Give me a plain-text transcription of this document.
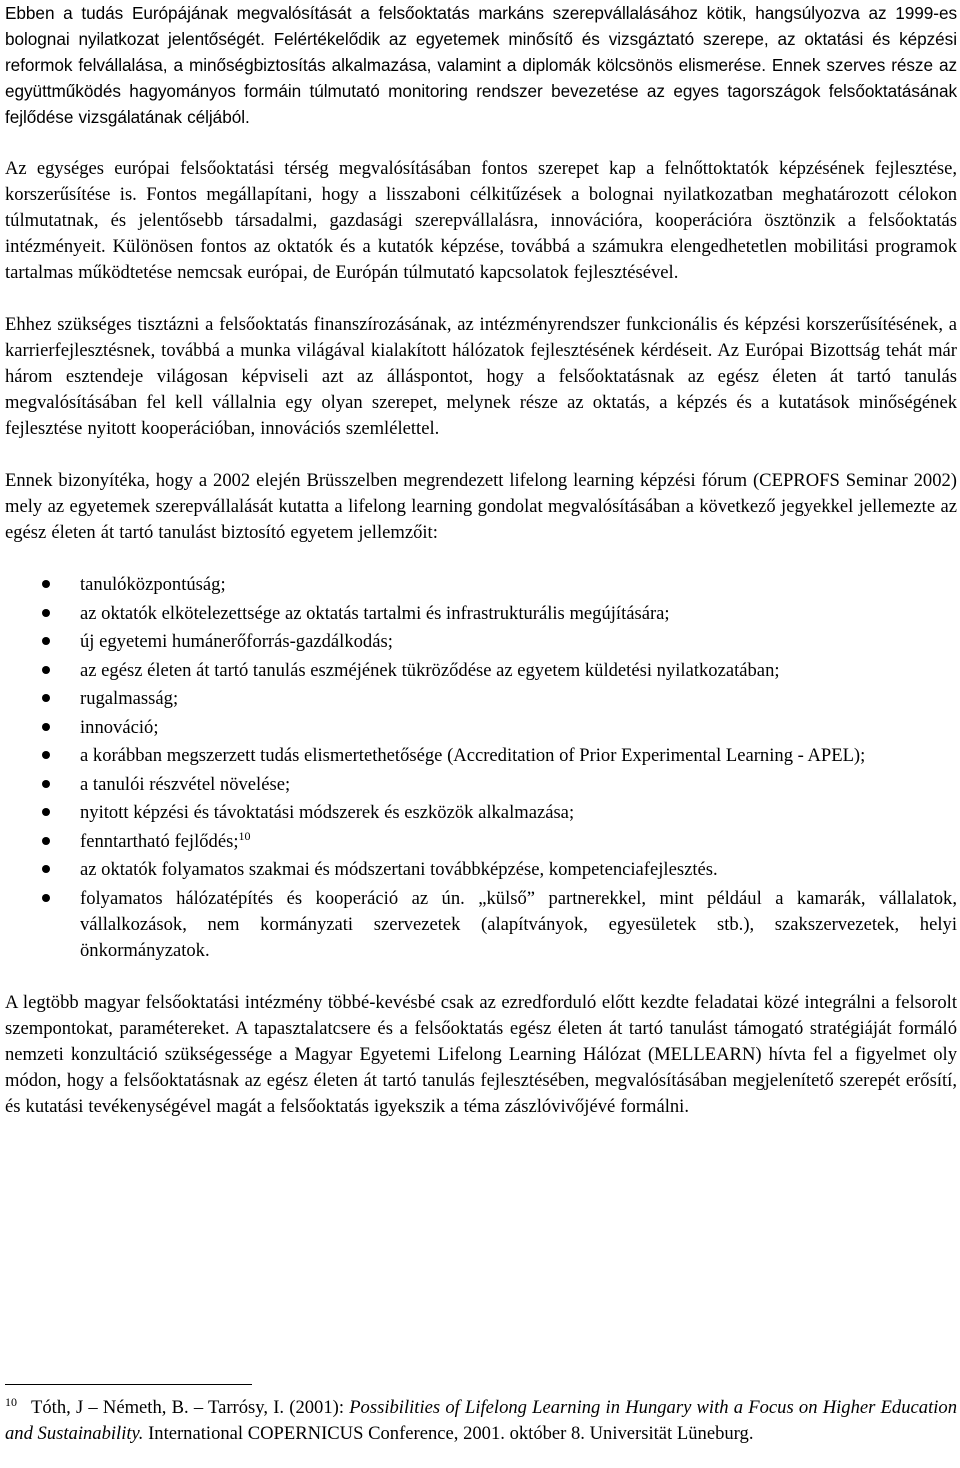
Ebben a tudás Európájának megvalósítását a felsőoktatás markáns szerepvállalásához kötik, hangsúlyozva az 1999-es bolognai nyilatkozat jelentőségét. Felértékelődik az egyetemek minősítő és vizsgáztató szerepe, az oktatási és képzési reformok felvállalása, a minőségbiztosítás alkalmazása, valamint a diplomák kölcsönös elismerése. Ennek szerves része az együttműködés hagyományos formáin túlmutató monitoring rendszer bevezetése az egyes tagországok felsőoktatásának fejlődése vizsgálatának céljából.

Az egységes európai felsőoktatási térség megvalósításában fontos szerepet kap a felnőttoktatók képzésének fejlesztése, korszerűsítése is. Fontos megállapítani, hogy a lisszaboni célkitűzések a bolognai nyilatkozatban meghatározott célokon túlmutatnak, és jelentősebb társadalmi, gazdasági szerepvállalásra, innovációra, kooperációra ösztönzik a felsőoktatás intézményeit. Különösen fontos az oktatók és a kutatók képzése, továbbá a számukra elengedhetetlen mobilitási programok tartalmas működtetése nemcsak európai, de Európán túlmutató kapcsolatok fejlesztésével.

Ehhez szükséges tisztázni a felsőoktatás finanszírozásának, az intézményrendszer funkcionális és képzési korszerűsítésének, a karrierfejlesztésnek, továbbá a munka világával kialakított hálózatok fejlesztésének kérdéseit. Az Európai Bizottság tehát már három esztendeje világosan képviseli azt az álláspontot, hogy a felsőoktatásnak az egész életen át tartó tanulás megvalósításában fel kell vállalnia egy olyan szerepet, melynek része az oktatás, a képzés és a kutatások minőségének fejlesztése nyitott kooperációban, innovációs szemlélettel.

Ennek bizonyítéka, hogy a 2002 elején Brüsszelben megrendezett lifelong learning képzési fórum (CEPROFS Seminar 2002) mely az egyetemek szerepvállalását kutatta a lifelong learning gondolat megvalósításában a következő jegyekkel jellemezte az egész életen át tartó tanulást biztosító egyetem jellemzőit:

tanulóközpontúság;
az oktatók elkötelezettsége az oktatás tartalmi és infrastrukturális megújítására;
új egyetemi humánerőforrás-gazdálkodás;
az egész életen át tartó tanulás eszméjének tükröződése az egyetem küldetési nyilatkozatában;
rugalmasság;
innováció;
a korábban megszerzett tudás elismertethetősége (Accreditation of Prior Experimental Learning - APEL);
a tanulói részvétel növelése;
nyitott képzési és távoktatási módszerek és eszközök alkalmazása;
fenntartható fejlődés;$^{10}$
az oktatók folyamatos szakmai és módszertani továbbképzése, kompetenciafejlesztés.
folyamatos hálózatépítés és kooperáció az ún. „külső” partnerekkel, mint például a kamarák, vállalatok, vállalkozások, nem kormányzati szervezetek (alapítványok, egyesületek stb.), szakszervezetek, helyi önkormányzatok.

A legtöbb magyar felsőoktatási intézmény többé-kevésbé csak az ezredforduló előtt kezdte feladatai közé integrálni a felsorolt szempontokat, paramétereket. A tapasztalatcsere és a felsőoktatás egész életen át tartó tanulást támogató stratégiáját formáló nemzeti konzultáció szükségessége a Magyar Egyetemi Lifelong Learning Hálózat (MELLEARN) hívta fel a figyelmet oly módon, hogy a felsőoktatásnak az egész életen át tartó tanulás fejlesztésében, megvalósításában megjelenítető szerepét erősítí, és kutatási tevékenységével magát a felsőoktatás igyekszik a téma zászlóvivőjévé formálni.

$^{10}$ Tóth, J – Németh, B. – Tarrósy, I. (2001): Possibilities of Lifelong Learning in Hungary with a Focus on Higher Education and Sustainability. International COPERNICUS Conference, 2001. október 8. Universität Lüneburg.
